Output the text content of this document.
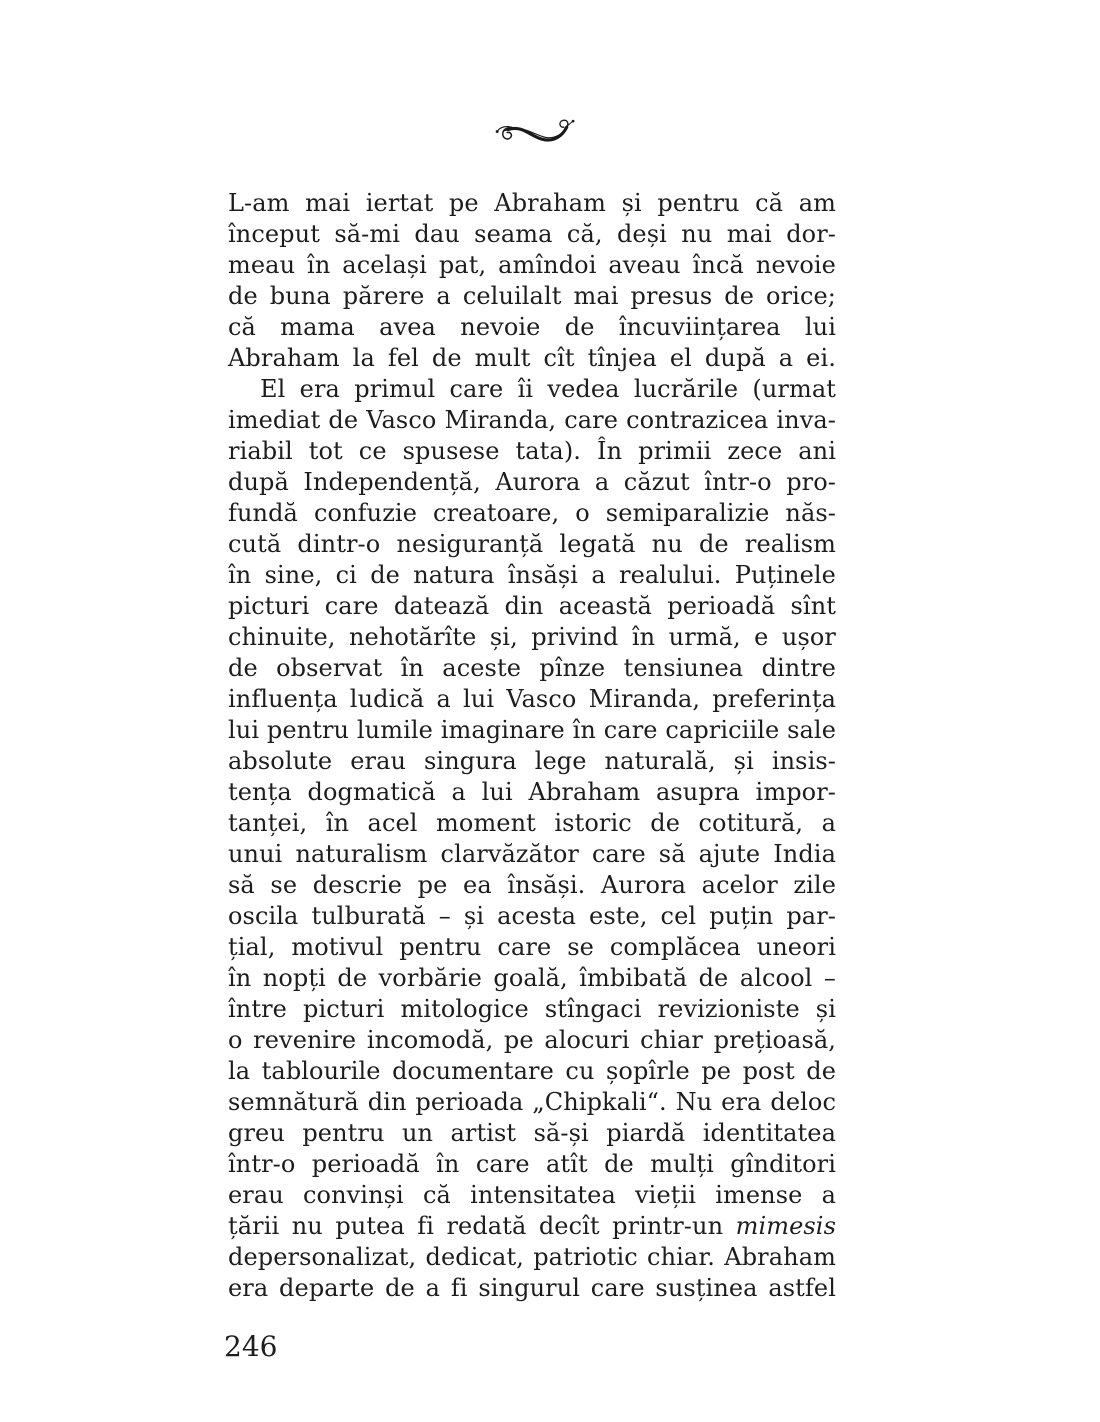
L-am mai iertat pe Abraham și pentru că am
început să-mi dau seama că, deși nu mai dor-
meau în același pat, amîndoi aveau încă nevoie
de buna părere a celuilalt mai presus de orice;
că mama avea nevoie de încuviințarea lui
Abraham la fel de mult cît tînjea el după a ei.
El era primul care îi vedea lucrările (urmat
imediat de Vasco Miranda, care contrazicea inva-
riabil tot ce spusese tata). În primii zece ani
după Independență, Aurora a căzut într-o pro-
fundă confuzie creatoare, o semiparalizie năs-
cută dintr-o nesiguranță legată nu de realism
în sine, ci de natura însăși a realului. Puținele
picturi care datează din această perioadă sînt
chinuite, nehotărîte și, privind în urmă, e ușor
de observat în aceste pînze tensiunea dintre
influența ludică a lui Vasco Miranda, preferința
lui pentru lumile imaginare în care capriciile sale
absolute erau singura lege naturală, și insis-
tența dogmatică a lui Abraham asupra impor-
tanței, în acel moment istoric de cotitură, a
unui naturalism clarvăzător care să ajute India
să se descrie pe ea însăși. Aurora acelor zile
oscila tulburată – și acesta este, cel puțin par-
țial, motivul pentru care se complăcea uneori
în nopți de vorbărie goală, îmbibată de alcool –
între picturi mitologice stîngaci revizioniste și
o revenire incomodă, pe alocuri chiar prețioasă,
la tablourile documentare cu șopîrle pe post de
semnătură din perioada „Chipkali“. Nu era deloc
greu pentru un artist să-și piardă identitatea
într-o perioadă în care atît de mulți gînditori
erau convinși că intensitatea vieții imense a
țării nu putea fi redată decît printr-un mimesis
depersonalizat, dedicat, patriotic chiar. Abraham
era departe de a fi singurul care susținea astfel
246
